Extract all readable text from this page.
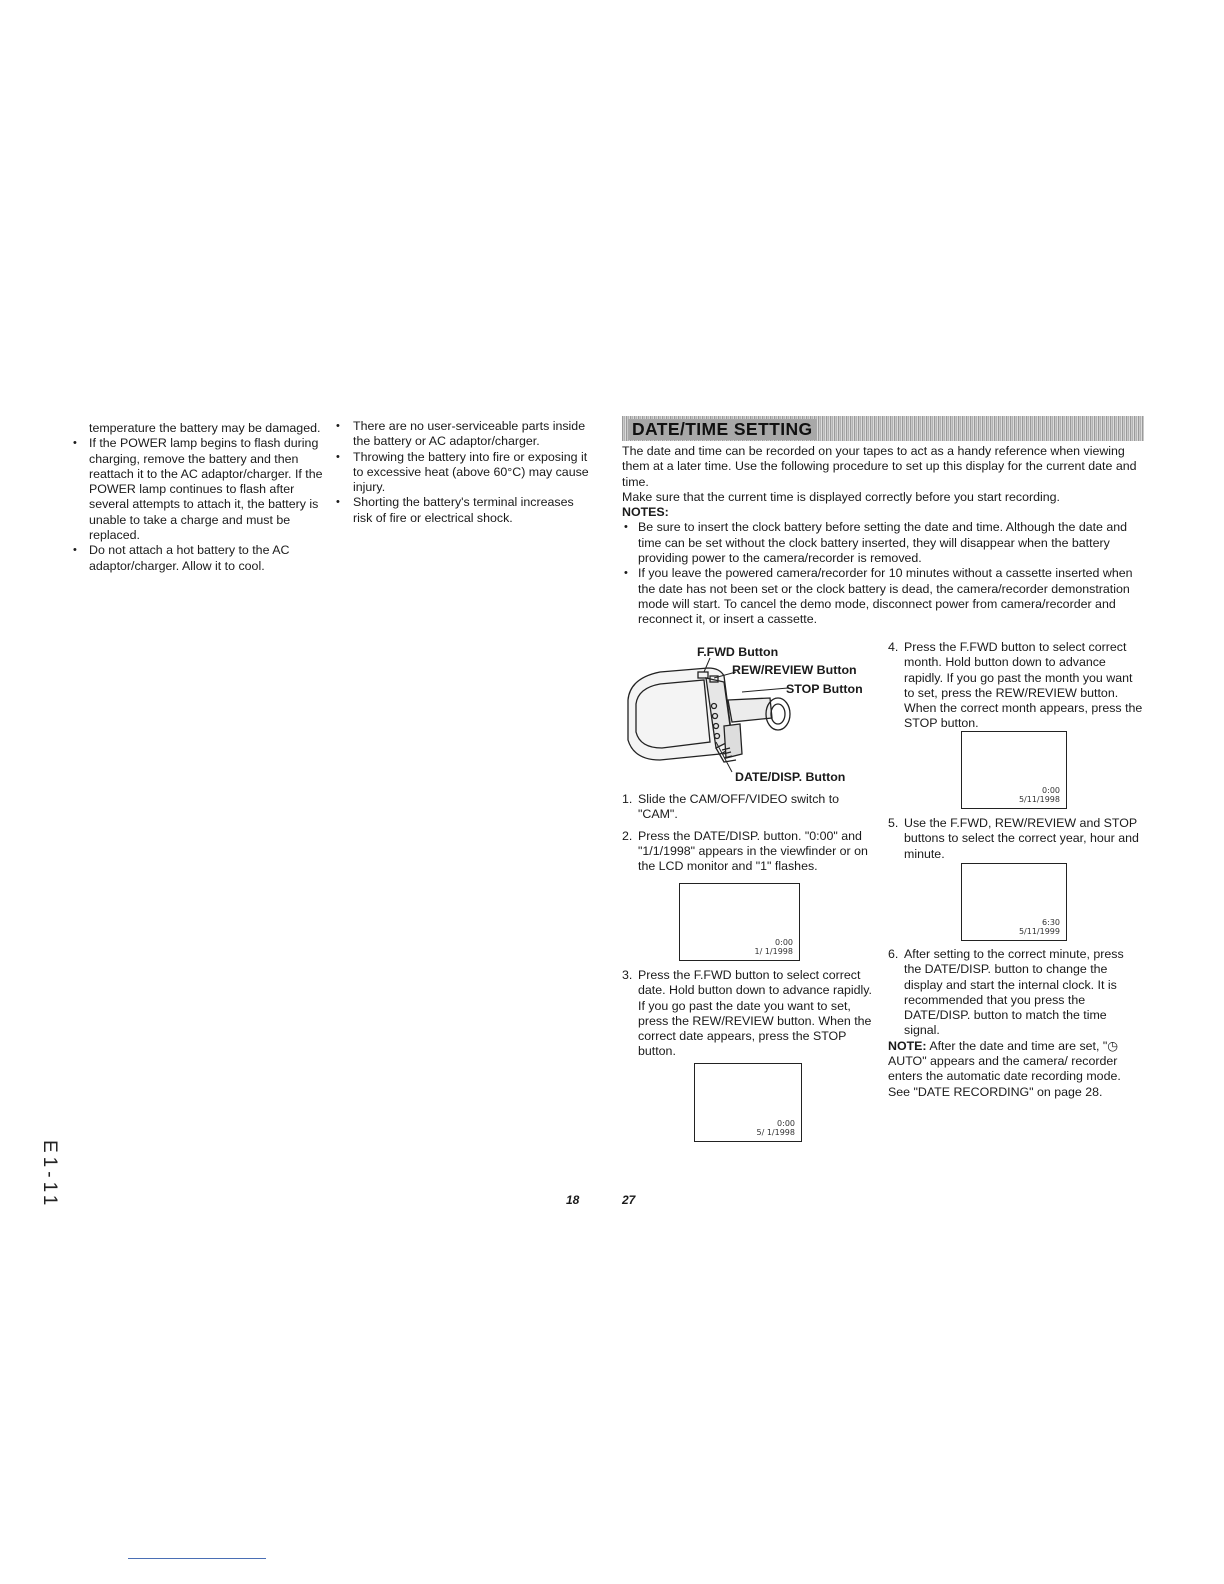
temperature the battery may be damaged.
• If the POWER lamp begins to flash during charging, remove the battery and then reattach it to the AC adaptor/charger. If the POWER lamp continues to flash after several attempts to attach it, the battery is unable to take a charge and must be replaced.
• Do not attach a hot battery to the AC adaptor/charger. Allow it to cool.
• There are no user-serviceable parts inside the battery or AC adaptor/charger.
• Throwing the battery into fire or exposing it to excessive heat (above 60°C) may cause injury.
• Shorting the battery's terminal increases risk of fire or electrical shock.
DATE/TIME SETTING

The date and time can be recorded on your tapes to act as a handy reference when viewing them at a later time. Use the following procedure to set up this display for the current date and time.

Make sure that the current time is displayed correctly before you start recording.

NOTES:
• Be sure to insert the clock battery before setting the date and time. Although the date and time can be set without the clock battery inserted, they will disappear when the battery providing power to the camera/recorder is removed.
• If you leave the powered camera/recorder for 10 minutes without a cassette inserted when the date has not been set or the clock battery is dead, the camera/recorder demonstration mode will start. To cancel the demo mode, disconnect power from camera/recorder and reconnect it, or insert a cassette.
F.FWD Button
REW/REVIEW Button
STOP Button
DATE/DISP. Button
1. Slide the CAM/OFF/VIDEO switch to "CAM".
2. Press the DATE/DISP. button. "0:00" and "1/1/1998" appears in the viewfinder or on the LCD monitor and "1" flashes.
0:00
1/ 1/1998
3. Press the F.FWD button to select correct date. Hold button down to advance rapidly. If you go past the date you want to set, press the REW/REVIEW button. When the correct date appears, press the STOP button.
0:00
5/ 1/1998
4. Press the F.FWD button to select correct month. Hold button down to advance rapidly. If you go past the month you want to set, press the REW/REVIEW button. When the correct month appears, press the STOP button.
0:00
5/11/1998
5. Use the F.FWD, REW/REVIEW and STOP buttons to select the correct year, hour and minute.
6:30
5/11/1999
6. After setting to the correct minute, press the DATE/DISP. button to change the display and start the internal clock. It is recommended that you press the DATE/DISP. button to match the time signal.

NOTE: After the date and time are set, "◷ AUTO" appears and the camera/ recorder enters the automatic date recording mode. See "DATE RECORDING" on page 28.

18	27
E1-11
